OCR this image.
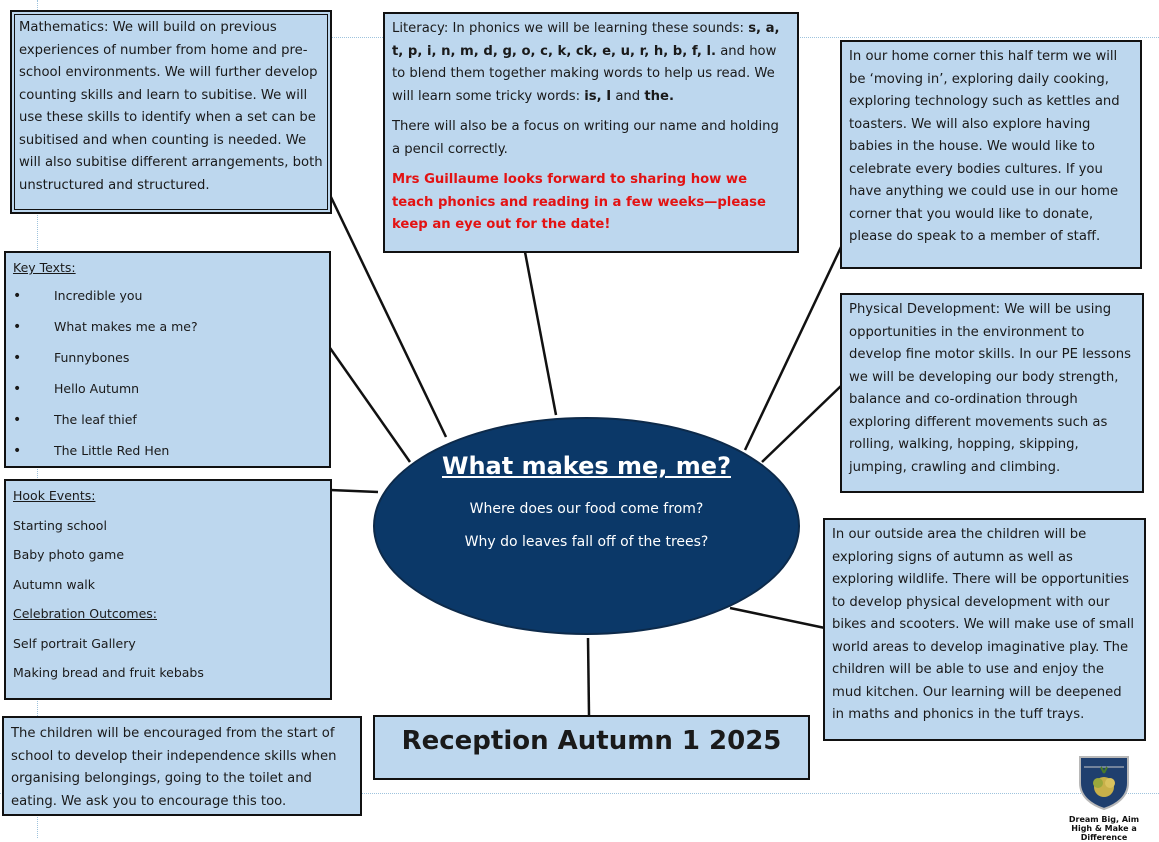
Mathematics: We will build on previous experiences of number from home and pre-school environments. We will further develop counting skills and learn to subitise. We will use these skills to identify when a set can be subitised and when counting is needed. We will also subitise different arrangements, both unstructured and structured.

Literacy: In phonics we will be learning these sounds: s, a, t, p, i, n, m, d, g, o, c, k, ck, e, u, r, h, b, f, l. and how to blend them together making words to help us read. We will learn some tricky words: is, I and the.

There will also be a focus on writing our name and holding a pencil correctly.

Mrs Guillaume looks forward to sharing how we teach phonics and reading in a few weeks—please keep an eye out for the date!

In our home corner this half term we will be ‘moving in’, exploring daily cooking, exploring technology such as kettles and toasters. We will also explore having babies in the house. We would like to celebrate every bodies cultures. If you have anything we could use in our home corner that you would like to donate, please do speak to a member of staff.

Key Texts:
• Incredible you
• What makes me a me?
• Funnybones
• Hello Autumn
• The leaf thief
• The Little Red Hen

Physical Development: We will be using opportunities in the environment to develop fine motor skills. In our PE lessons we will be developing our body strength, balance and co-ordination through exploring different movements such as rolling, walking, hopping, skipping, jumping, crawling and climbing.

Hook Events:
Starting school
Baby photo game
Autumn walk
Celebration Outcomes:
Self portrait Gallery
Making bread and fruit kebabs
What makes me, me?
Where does our food come from?
Why do leaves fall off of the trees?	In our outside area the children will be exploring signs of autumn as well as exploring wildlife. There will be opportunities to develop physical development with our bikes and scooters. We will make use of small world areas to develop imaginative play. The children will be able to use and enjoy the mud kitchen. Our learning will be deepened in maths and phonics in the tuff trays.

The children will be encouraged from the start of school to develop their independence skills when organising belongings, going to the toilet and eating. We ask you to encourage this too.

Reception Autumn 1 2025
Dream Big, Aim High & Make a Difference
